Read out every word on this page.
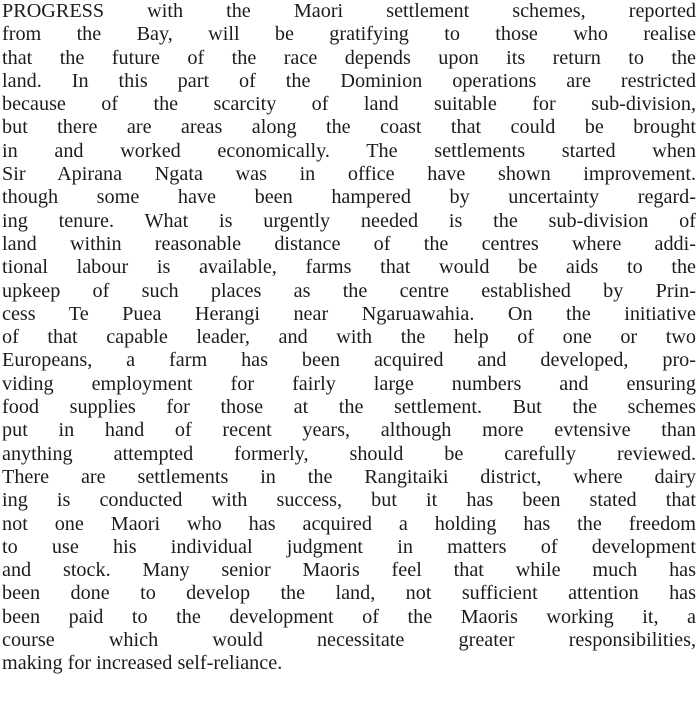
PROGRESS with the Maori settlement schemes, reported
from the Bay, will be gratifying to those who realise
that the future of the race depends upon its return to the
land. In this part of the Dominion operations are restricted
because of the scarcity of land suitable for sub-division,
but there are areas along the coast that could be brought
in and worked economically. The settlements started when
Sir Apirana Ngata was in office have shown improvement.
though some have been hampered by uncertainty regard-
ing tenure. What is urgently needed is the sub-division of
land within reasonable distance of the centres where addi-
tional labour is available, farms that would be aids to the
upkeep of such places as the centre established by Prin-
cess Te Puea Herangi near Ngaruawahia. On the initiative
of that capable leader, and with the help of one or two
Europeans, a farm has been acquired and developed, pro-
viding employment for fairly large numbers and ensuring
food supplies for those at the settlement. But the schemes
put in hand of recent years, although more evtensive than
anything attempted formerly, should be carefully reviewed.
There are settlements in the Rangitaiki district, where dairy
ing is conducted with success, but it has been stated that
not one Maori who has acquired a holding has the freedom
to use his individual judgment in matters of development
and stock. Many senior Maoris feel that while much has
been done to develop the land, not sufficient attention has
been paid to the development of the Maoris working it, a
course which would necessitate greater responsibilities,
making for increased self-reliance.
